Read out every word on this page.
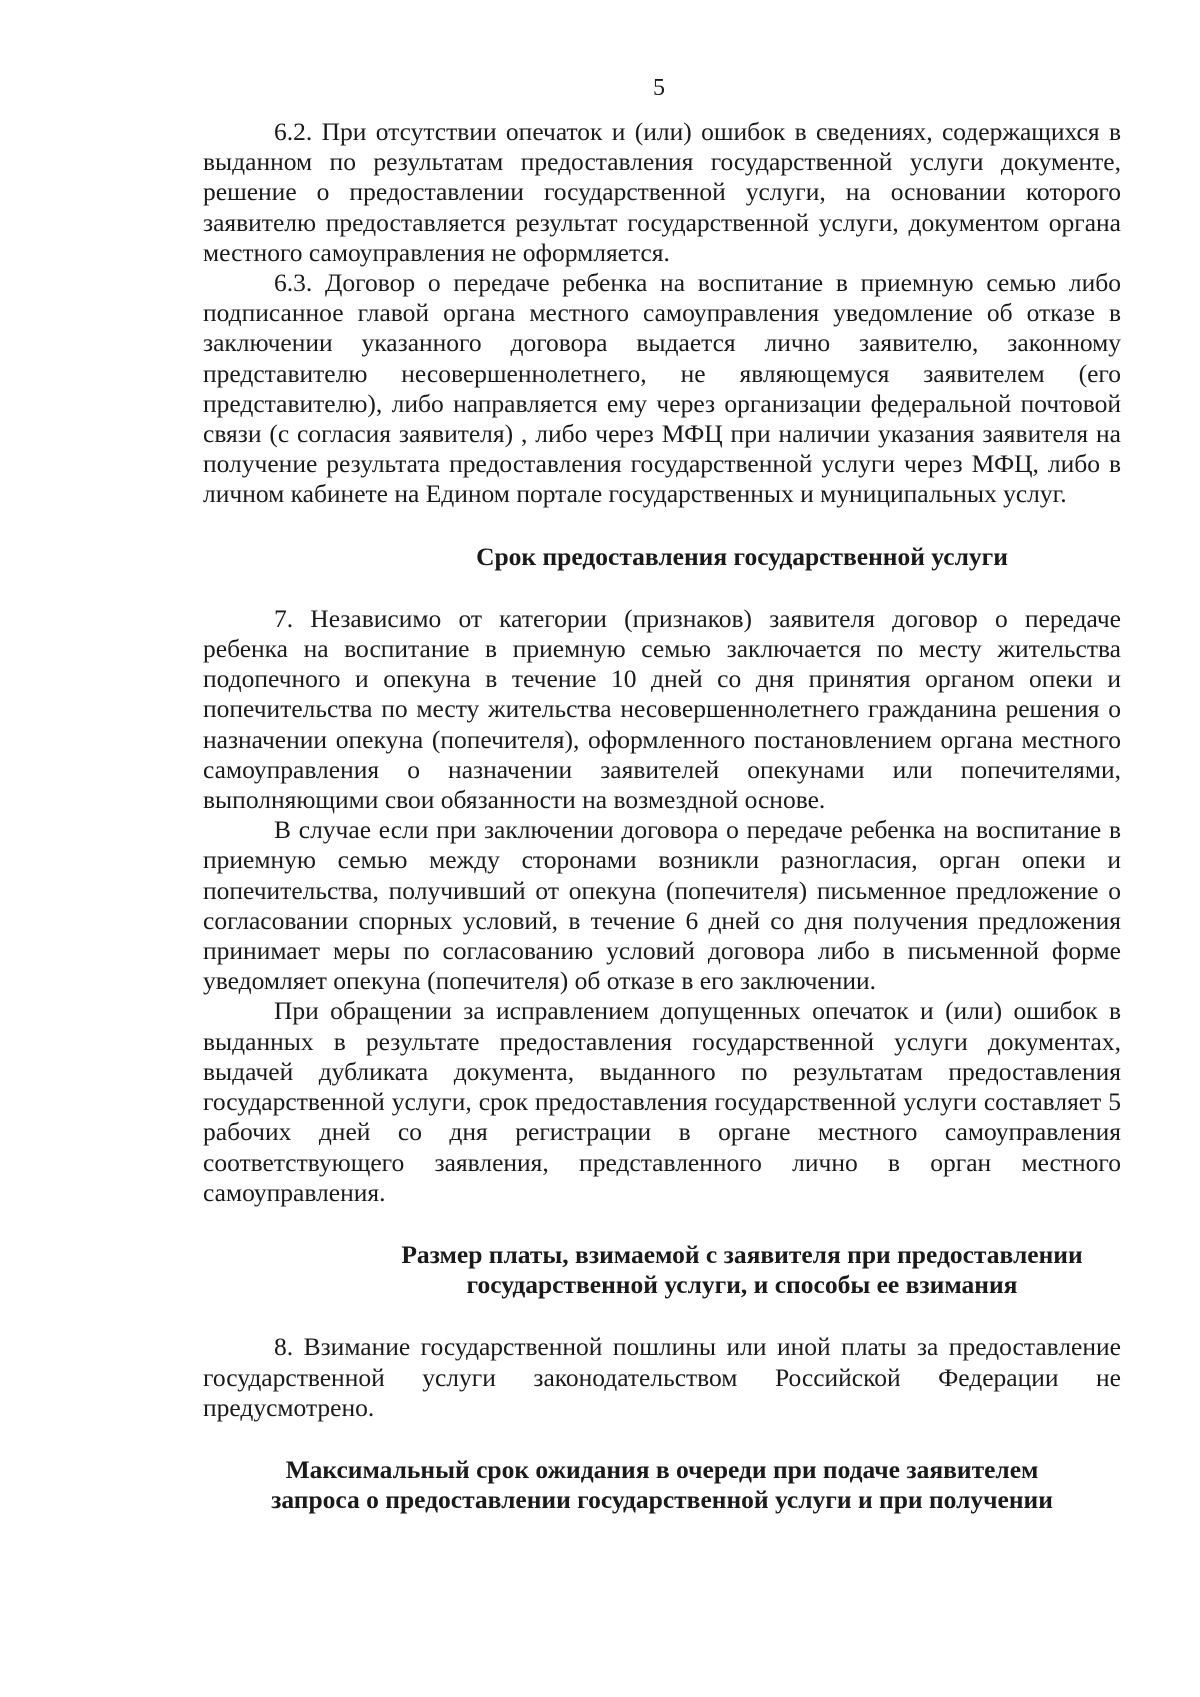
5

6.2. При отсутствии опечаток и (или) ошибок в сведениях, содержащихся в выданном по результатам предоставления государственной услуги документе, решение о предоставлении государственной услуги, на основании которого заявителю предоставляется результат государственной услуги, документом органа местного самоуправления не оформляется.

6.3. Договор о передаче ребенка на воспитание в приемную семью либо подписанное главой органа местного самоуправления уведомление об отказе в заключении указанного договора выдается лично заявителю, законному представителю несовершеннолетнего, не являющемуся заявителем (его представителю), либо направляется ему через организации федеральной почтовой связи (с согласия заявителя) , либо через МФЦ при наличии указания заявителя на получение результата предоставления государственной услуги через МФЦ, либо в личном кабинете на Едином портале государственных и муниципальных услуг.

Срок предоставления государственной услуги

7. Независимо от категории (признаков) заявителя договор о передаче ребенка на воспитание в приемную семью заключается по месту жительства подопечного и опекуна в течение 10 дней со дня принятия органом опеки и попечительства по месту жительства несовершеннолетнего гражданина решения о назначении опекуна (попечителя), оформленного постановлением органа местного самоуправления о назначении заявителей опекунами или попечителями, выполняющими свои обязанности на возмездной основе.

В случае если при заключении договора о передаче ребенка на воспитание в приемную семью между сторонами возникли разногласия, орган опеки и попечительства, получивший от опекуна (попечителя) письменное предложение о согласовании спорных условий, в течение 6 дней со дня получения предложения принимает меры по согласованию условий договора либо в письменной форме уведомляет опекуна (попечителя) об отказе в его заключении.

При обращении за исправлением допущенных опечаток и (или) ошибок в выданных в результате предоставления государственной услуги документах, выдачей дубликата документа, выданного по результатам предоставления государственной услуги, срок предоставления государственной услуги составляет 5 рабочих дней со дня регистрации в органе местного самоуправления соответствующего заявления, представленного лично в орган местного самоуправления.

Размер платы, взимаемой с заявителя при предоставлении
государственной услуги, и способы ее взимания

8. Взимание государственной пошлины или иной платы за предоставление государственной услуги законодательством Российской Федерации не предусмотрено.

Максимальный срок ожидания в очереди при подаче заявителем
запроса о предоставлении государственной услуги и при получении
